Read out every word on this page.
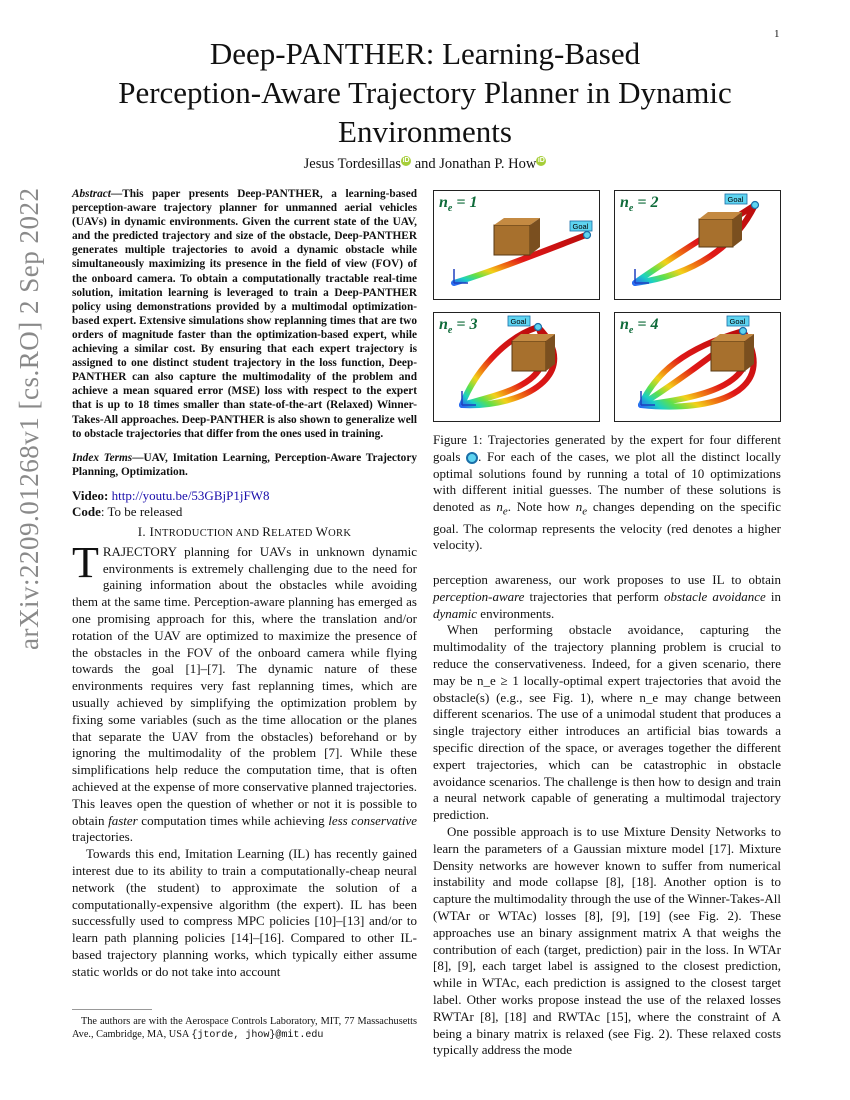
1
arXiv:2209.01268v1 [cs.RO] 2 Sep 2022
Deep-PANTHER: Learning-Based
Perception-Aware Trajectory Planner in Dynamic
Environments
Jesus Tordesillas iD and Jonathan P. How iD
Abstract—This paper presents Deep-PANTHER, a learning-based perception-aware trajectory planner for unmanned aerial vehicles (UAVs) in dynamic environments. Given the current state of the UAV, and the predicted trajectory and size of the obstacle, Deep-PANTHER generates multiple trajectories to avoid a dynamic obstacle while simultaneously maximizing its presence in the field of view (FOV) of the onboard camera. To obtain a computationally tractable real-time solution, imitation learning is leveraged to train a Deep-PANTHER policy using demonstrations provided by a multimodal optimization-based expert. Extensive simulations show replanning times that are two orders of magnitude faster than the optimization-based expert, while achieving a similar cost. By ensuring that each expert trajectory is assigned to one distinct student trajectory in the loss function, Deep-PANTHER can also capture the multimodality of the problem and achieve a mean squared error (MSE) loss with respect to the expert that is up to 18 times smaller than state-of-the-art (Relaxed) Winner-Takes-All approaches. Deep-PANTHER is also shown to generalize well to obstacle trajectories that differ from the ones used in training.
Index Terms—UAV, Imitation Learning, Perception-Aware Trajectory Planning, Optimization.
Video: http://youtu.be/53GBjP1jFW8
Code: To be released
I. INTRODUCTION AND RELATED WORK

TRAJECTORY planning for UAVs in unknown dynamic environments is extremely challenging due to the need for gaining information about the obstacles while avoiding them at the same time. Perception-aware planning has emerged as one promising approach for this, where the translation and/or rotation of the UAV are optimized to maximize the presence of the obstacles in the FOV of the onboard camera while flying towards the goal [1]–[7]. The dynamic nature of these environments requires very fast replanning times, which are usually achieved by simplifying the optimization problem by fixing some variables (such as the time allocation or the planes that separate the UAV from the obstacles) beforehand or by ignoring the multimodality of the problem [7]. While these simplifications help reduce the computation time, that is often achieved at the expense of more conservative planned trajectories. This leaves open the question of whether or not it is possible to obtain faster computation times while achieving less conservative trajectories.

Towards this end, Imitation Learning (IL) has recently gained interest due to its ability to train a computationally-cheap neural network (the student) to approximate the solution of a computationally-expensive algorithm (the expert). IL has been successfully used to compress MPC policies [10]–[13] and/or to learn path planning policies [14]–[16]. Compared to other IL-based trajectory planning works, which typically either assume static worlds or do not take into account

The authors are with the Aerospace Controls Laboratory, MIT, 77 Massachusetts Ave., Cambridge, MA, USA {jtorde, jhow}@mit.edu
Goal
$n_e = 1$	Goal
$n_e = 2$
Goal
$n_e = 3$	Goal
$n_e = 4$
Figure 1: Trajectories generated by the expert for four different goals . For each of the cases, we plot all the distinct locally optimal solutions found by running a total of 10 optimizations with different initial guesses. The number of these solutions is denoted as $n_e$. Note how $n_e$ changes depending on the specific goal. The colormap represents the velocity (red denotes a higher velocity).

perception awareness, our work proposes to use IL to obtain perception-aware trajectories that perform obstacle avoidance in dynamic environments.

When performing obstacle avoidance, capturing the multimodality of the trajectory planning problem is crucial to reduce the conservativeness. Indeed, for a given scenario, there may be n_e ≥ 1 locally-optimal expert trajectories that avoid the obstacle(s) (e.g., see Fig. 1), where n_e may change between different scenarios. The use of a unimodal student that produces a single trajectory either introduces an artificial bias towards a specific direction of the space, or averages together the different expert trajectories, which can be catastrophic in obstacle avoidance scenarios. The challenge is then how to design and train a neural network capable of generating a multimodal trajectory prediction.

One possible approach is to use Mixture Density Networks to learn the parameters of a Gaussian mixture model [17]. Mixture Density networks are however known to suffer from numerical instability and mode collapse [8], [18]. Another option is to capture the multimodality through the use of the Winner-Takes-All (WTAr or WTAc) losses [8], [9], [19] (see Fig. 2). These approaches use an binary assignment matrix A that weighs the contribution of each (target, prediction) pair in the loss. In WTAr [8], [9], each target label is assigned to the closest prediction, while in WTAc, each prediction is assigned to the closest target label. Other works propose instead the use of the relaxed losses RWTAr [8], [18] and RWTAc [15], where the constraint of A being a binary matrix is relaxed (see Fig. 2). These relaxed costs typically address the mode
